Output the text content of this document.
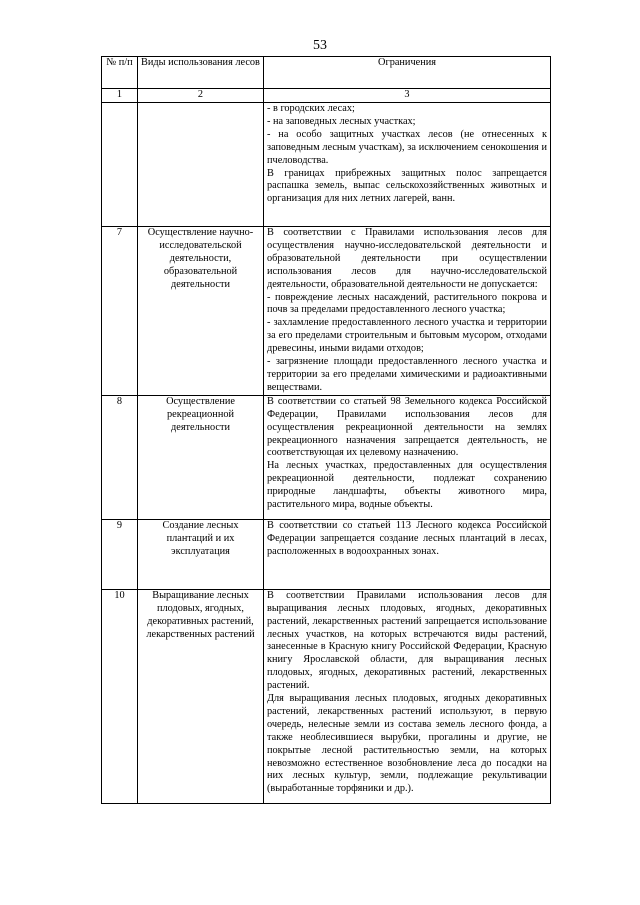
53
№ п/п	Виды использования лесов	Ограничения
1	2	3

		- в городских лесах;
- на заповедных лесных участках;
- на особо защитных участках лесов (не отнесенных к заповедным лесным участкам), за исключением сенокошения и пчеловодства.
В границах прибрежных защитных полос запрещается распашка земель, выпас сельскохозяйственных животных и организация для них летних лагерей, ванн.

7	Осуществление научно-исследовательской деятельности, образовательной деятельности	В соответствии с Правилами использования лесов для осуществления научно-исследовательской деятельности и образовательной деятельности при осуществлении использования лесов для научно-исследовательской деятельности, образовательной деятельности не допускается:
- повреждение лесных насаждений, растительного покрова и почв за пределами предоставленного лесного участка;
- захламление предоставленного лесного участка и территории за его пределами строительным и бытовым мусором, отходами древесины, иными видами отходов;
- загрязнение площади предоставленного лесного участка и территории за его пределами химическими и радиоактивными веществами.

8	Осуществление рекреационной деятельности	В соответствии со статьей 98 Земельного кодекса Российской Федерации, Правилами использования лесов для осуществления рекреационной деятельности на землях рекреационного назначения запрещается деятельность, не соответствующая их целевому назначению.
На лесных участках, предоставленных для осуществления рекреационной деятельности, подлежат сохранению природные ландшафты, объекты животного мира, растительного мира, водные объекты.

9	Создание лесных плантаций и их эксплуатация	В соответствии со статьей 113 Лесного кодекса Российской Федерации запрещается создание лесных плантаций в лесах, расположенных в водоохранных зонах.

10	Выращивание лесных плодовых, ягодных, декоративных растений, лекарственных растений	В соответствии Правилами использования лесов для выращивания лесных плодовых, ягодных, декоративных растений, лекарственных растений запрещается использование лесных участков, на которых встречаются виды растений, занесенные в Красную книгу Российской Федерации, Красную книгу Ярославской области, для выращивания лесных плодовых, ягодных, декоративных растений, лекарственных растений.
Для выращивания лесных плодовых, ягодных декоративных растений, лекарственных растений используют, в первую очередь, нелесные земли из состава земель лесного фонда, а также необлесившиеся вырубки, прогалины и другие, не покрытые лесной растительностью земли, на которых невозможно естественное возобновление леса до посадки на них лесных культур, земли, подлежащие рекультивации (выработанные торфяники и др.).
